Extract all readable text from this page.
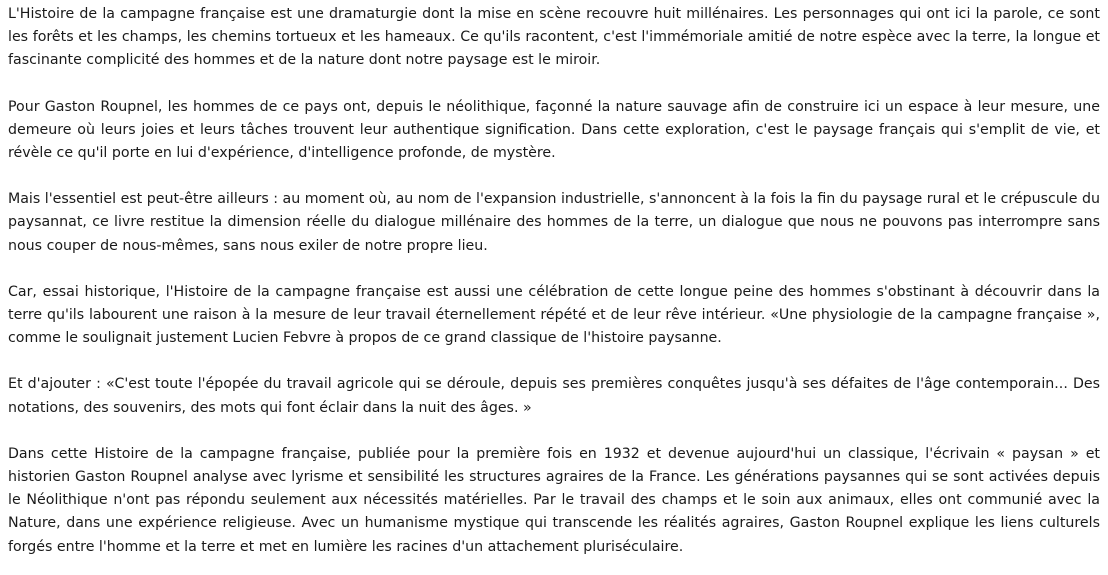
L'Histoire de la campagne française est une dramaturgie dont la mise en scène recouvre huit millénaires. Les personnages qui ont ici la parole, ce sont les forêts et les champs, les chemins tortueux et les hameaux. Ce qu'ils racontent, c'est l'immémoriale amitié de notre espèce avec la terre, la longue et fascinante complicité des hommes et de la nature dont notre paysage est le miroir.

Pour Gaston Roupnel, les hommes de ce pays ont, depuis le néolithique, façonné la nature sauvage afin de construire ici un espace à leur mesure, une demeure où leurs joies et leurs tâches trouvent leur authentique signification. Dans cette exploration, c'est le paysage français qui s'emplit de vie, et révèle ce qu'il porte en lui d'expérience, d'intelligence profonde, de mystère.

Mais l'essentiel est peut-être ailleurs : au moment où, au nom de l'expansion industrielle, s'annoncent à la fois la fin du paysage rural et le crépuscule du paysannat, ce livre restitue la dimension réelle du dialogue millénaire des hommes de la terre, un dialogue que nous ne pouvons pas interrompre sans nous couper de nous-mêmes, sans nous exiler de notre propre lieu.

Car, essai historique, l'Histoire de la campagne française est aussi une célébration de cette longue peine des hommes s'obstinant à découvrir dans la terre qu'ils labourent une raison à la mesure de leur travail éternellement répété et de leur rêve intérieur. «Une physiologie de la campagne française », comme le soulignait justement Lucien Febvre à propos de ce grand classique de l'histoire paysanne.

Et d'ajouter : «C'est toute l'épopée du travail agricole qui se déroule, depuis ses premières conquêtes jusqu'à ses défaites de l'âge contemporain... Des notations, des souvenirs, des mots qui font éclair dans la nuit des âges. »

Dans cette Histoire de la campagne française, publiée pour la première fois en 1932 et devenue aujourd'hui un classique, l'écrivain « paysan » et historien Gaston Roupnel analyse avec lyrisme et sensibilité les structures agraires de la France. Les générations paysannes qui se sont activées depuis le Néolithique n'ont pas répondu seulement aux nécessités matérielles. Par le travail des champs et le soin aux animaux, elles ont communié avec la Nature, dans une expérience religieuse. Avec un humanisme mystique qui transcende les réalités agraires, Gaston Roupnel explique les liens culturels forgés entre l'homme et la terre et met en lumière les racines d'un attachement pluriséculaire.
